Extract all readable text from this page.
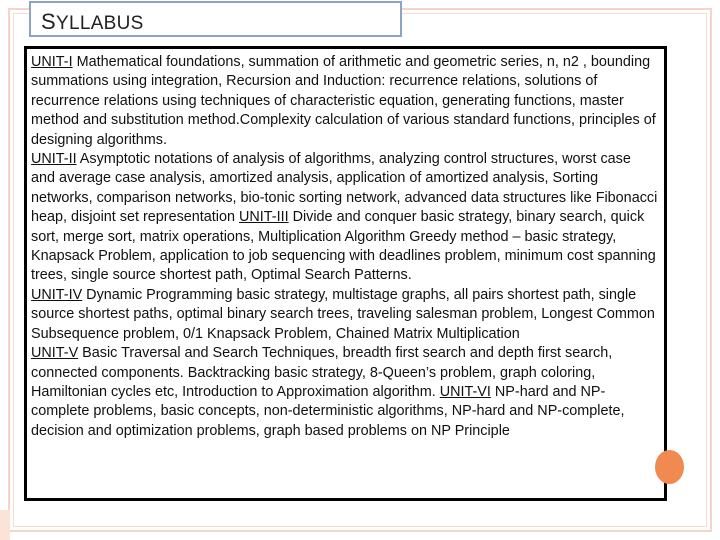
SYLLABUS

UNIT-I Mathematical foundations, summation of arithmetic and geometric series, n, n2 , bounding summations using integration, Recursion and Induction: recurrence relations, solutions of recurrence relations using techniques of characteristic equation, generating functions, master method and substitution method.Complexity calculation of various standard functions, principles of designing algorithms.
UNIT-II Asymptotic notations of analysis of algorithms, analyzing control structures, worst case and average case analysis, amortized analysis, application of amortized analysis, Sorting networks, comparison networks, bio-tonic sorting network, advanced data structures like Fibonacci heap, disjoint set representation UNIT-III Divide and conquer basic strategy, binary search, quick sort, merge sort, matrix operations, Multiplication Algorithm Greedy method – basic strategy, Knapsack Problem, application to job sequencing with deadlines problem, minimum cost spanning trees, single source shortest path, Optimal Search Patterns.
UNIT-IV Dynamic Programming basic strategy, multistage graphs, all pairs shortest path, single source shortest paths, optimal binary search trees, traveling salesman problem, Longest Common Subsequence problem, 0/1 Knapsack Problem, Chained Matrix Multiplication
UNIT-V Basic Traversal and Search Techniques, breadth first search and depth first search, connected components. Backtracking basic strategy, 8-Queen’s problem, graph coloring, Hamiltonian cycles etc, Introduction to Approximation algorithm. UNIT-VI NP-hard and NP-complete problems, basic concepts, non-deterministic algorithms, NP-hard and NP-complete, decision and optimization problems, graph based problems on NP Principle
